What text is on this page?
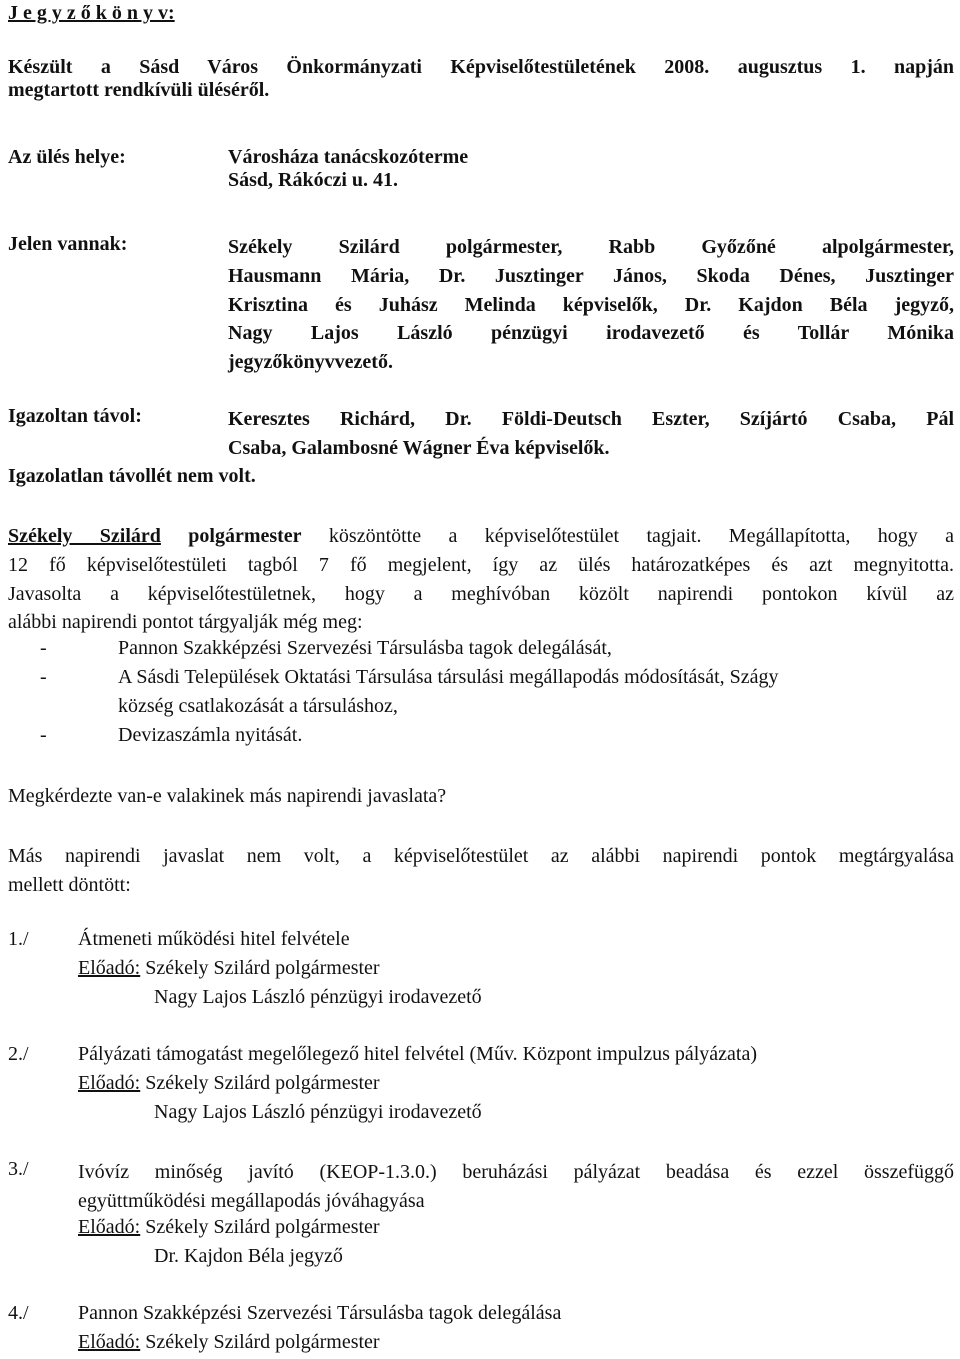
J e g y z ő k ö n y v:
Készült a Sásd Város Önkormányzati Képviselőtestületének 2008. augusztus 1. napján
megtartott rendkívüli üléséről.
Az ülés helye:	Városháza tanácskozóterme
Sásd, Rákóczi u. 41.
Jelen vannak:	Székely Szilárd polgármester, Rabb Győzőné alpolgármester,
Hausmann Mária, Dr. Jusztinger János, Skoda Dénes, Jusztinger
Krisztina és Juhász Melinda képviselők, Dr. Kajdon Béla jegyző,
Nagy Lajos László pénzügyi irodavezető és Tollár Mónika
jegyzőkönyvvezető.
Igazoltan távol:	Keresztes Richárd, Dr. Földi-Deutsch Eszter, Szíjártó Csaba, Pál
Csaba, Galambosné Wágner Éva képviselők.
Igazolatlan távollét nem volt.
Székely Szilárd polgármester köszöntötte a képviselőtestület tagjait. Megállapította, hogy a
12 fő képviselőtestületi tagból 7 fő megjelent, így az ülés határozatképes és azt megnyitotta.
Javasolta a képviselőtestületnek, hogy a meghívóban közölt napirendi pontokon kívül az
alábbi napirendi pontot tárgyalják még meg:
-	Pannon Szakképzési Szervezési Társulásba tagok delegálását,
-	A Sásdi Települések Oktatási Társulása társulási megállapodás módosítását, Szágy
község csatlakozását a társuláshoz,
-	Devizaszámla nyitását.
Megkérdezte van-e valakinek más napirendi javaslata?
Más napirendi javaslat nem volt, a képviselőtestület az alábbi napirendi pontok megtárgyalása
mellett döntött:
1./ Átmeneti működési hitel felvétele
Előadó: Székely Szilárd polgármester
Nagy Lajos László pénzügyi irodavezető
2./ Pályázati támogatást megelőlegező hitel felvétel (Műv. Központ impulzus pályázata)
Előadó: Székely Szilárd polgármester
Nagy Lajos László pénzügyi irodavezető
3./ Ivóvíz minőség javító (KEOP-1.3.0.) beruházási pályázat beadása és ezzel összefüggő
együttműködési megállapodás jóváhagyása
Előadó: Székely Szilárd polgármester
Dr. Kajdon Béla jegyző
4./ Pannon Szakképzési Szervezési Társulásba tagok delegálása
Előadó: Székely Szilárd polgármester
